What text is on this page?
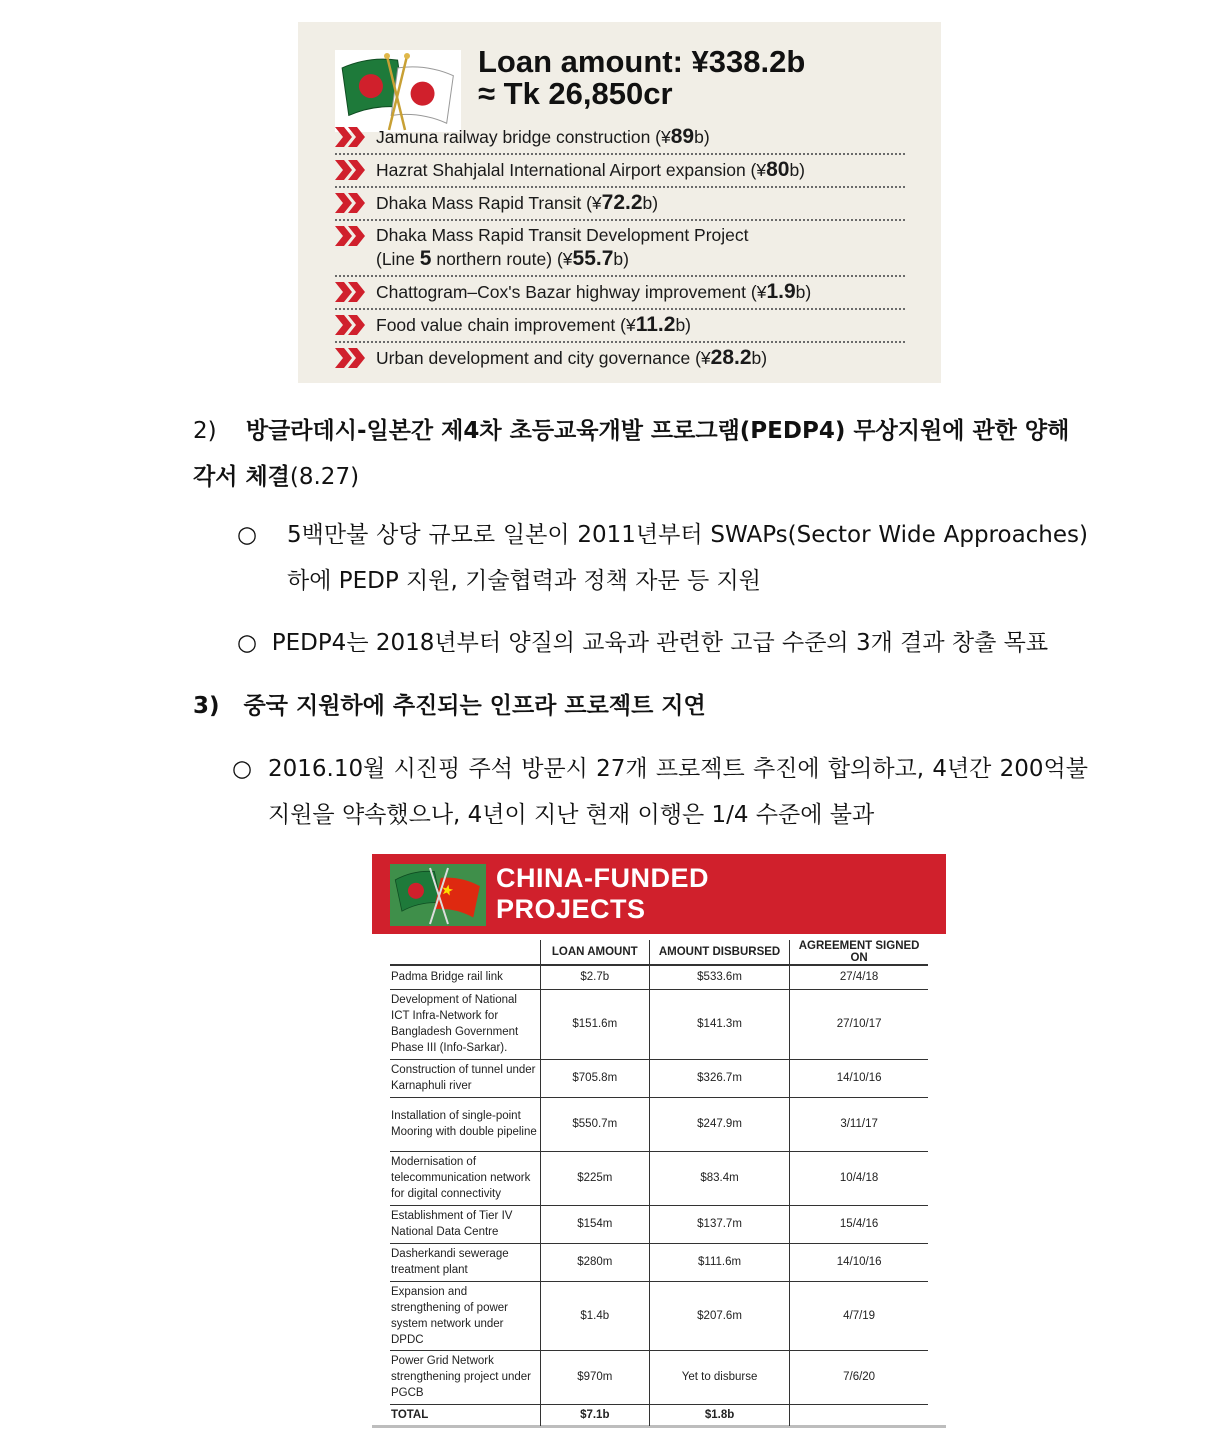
Loan amount: ¥338.2b
≈ Tk 26,850cr
Jamuna railway bridge construction (¥89b)
Hazrat Shahjalal International Airport expansion (¥80b)
Dhaka Mass Rapid Transit (¥72.2b)
Dhaka Mass Rapid Transit Development Project
(Line 5 northern route) (¥55.7b)
Chattogram–Cox's Bazar highway improvement (¥1.9b)
Food value chain improvement (¥11.2b)
Urban development and city governance (¥28.2b)
2) 방글라데시-일본간 제4차 초등교육개발 프로그램(PEDP4) 무상지원에 관한 양해각서 체결(8.27)
○ 5백만불 상당 규모로 일본이 2011년부터 SWAPs(Sector Wide Approaches)하에 PEDP 지원, 기술협력과 정책 자문 등 지원
○ PEDP4는 2018년부터 양질의 교육과 관련한 고급 수준의 3개 결과 창출 목표
3) 중국 지원하에 추진되는 인프라 프로젝트 지연
○ 2016.10월 시진핑 주석 방문시 27개 프로젝트 추진에 합의하고, 4년간 200억불 지원을 약속했으나, 4년이 지난 현재 이행은 1/4 수준에 불과
CHINA-FUNDED
PROJECTS
	LOAN AMOUNT	AMOUNT DISBURSED	AGREEMENT SIGNED ON
Padma Bridge rail link	$2.7b	$533.6m	27/4/18
Development of National ICT Infra-Network for Bangladesh Government Phase III (Info-Sarkar).	$151.6m	$141.3m	27/10/17
Construction of tunnel under Karnaphuli river	$705.8m	$326.7m	14/10/16
Installation of single-point Mooring with double pipeline	$550.7m	$247.9m	3/11/17
Modernisation of telecommunication network for digital connectivity	$225m	$83.4m	10/4/18
Establishment of Tier IV National Data Centre	$154m	$137.7m	15/4/16
Dasherkandi sewerage treatment plant	$280m	$111.6m	14/10/16
Expansion and strengthening of power system network under DPDC	$1.4b	$207.6m	4/7/19
Power Grid Network strengthening project under PGCB	$970m	Yet to disburse	7/6/20
TOTAL	$7.1b	$1.8b	
